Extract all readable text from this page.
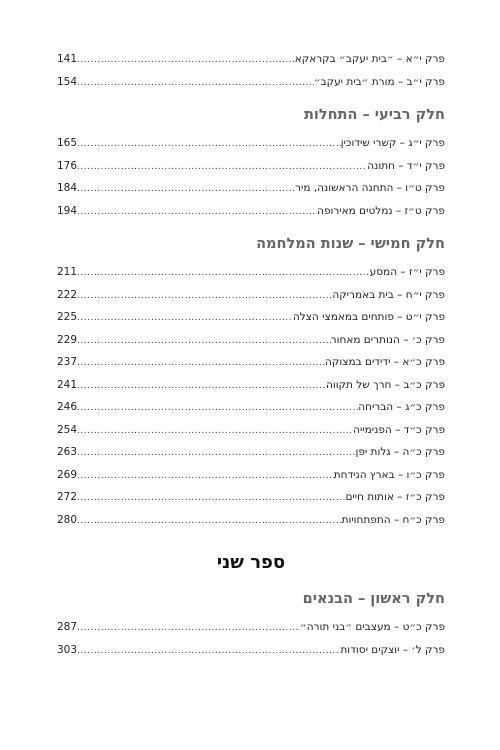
141 .....	פרק י״א – ״בית יעקב״ בקראקא
154 .....	פרק י״ב – מורת ״בית יעקב״
חלק רביעי – התחלות
165 .....	פרק י״ג – קשרי שידוכין
176 .....	פרק י״ד – חתונה
184 .....	פרק ט״ו – התחנה הראשונה, מיר
194 .....	פרק ט״ז – נמלטים מאירופה
חלק חמישי – שנות המלחמה
211 .....	פרק י״ז – המסע
222 .....	פרק י״ח – בית באמריקה
225 .....	פרק י״ט – פותחים במאמצי הצלה
229 .....	פרק כ׳ – הנותרים מאחור
237 .....	פרק כ״א – ידידים במצוקה
241 .....	פרק כ״ב – חרך של תקווה
246 .....	פרק כ״ג – הבריחה
254 .....	פרק כ״ד – הפנימייה
263 .....	פרק כ״ה – גלות יפן
269 .....	פרק כ״ו – בארץ הנידחת
272 .....	פרק כ״ז – אותות חיים
280 .....	פרק כ״ח – התפתחויות
ספר שני
חלק ראשון – הבנאים
287 .....	פרק כ״ט – מעצבים ״בני תורה״
303 .....	פרק ל׳ – יוצקים יסודות
